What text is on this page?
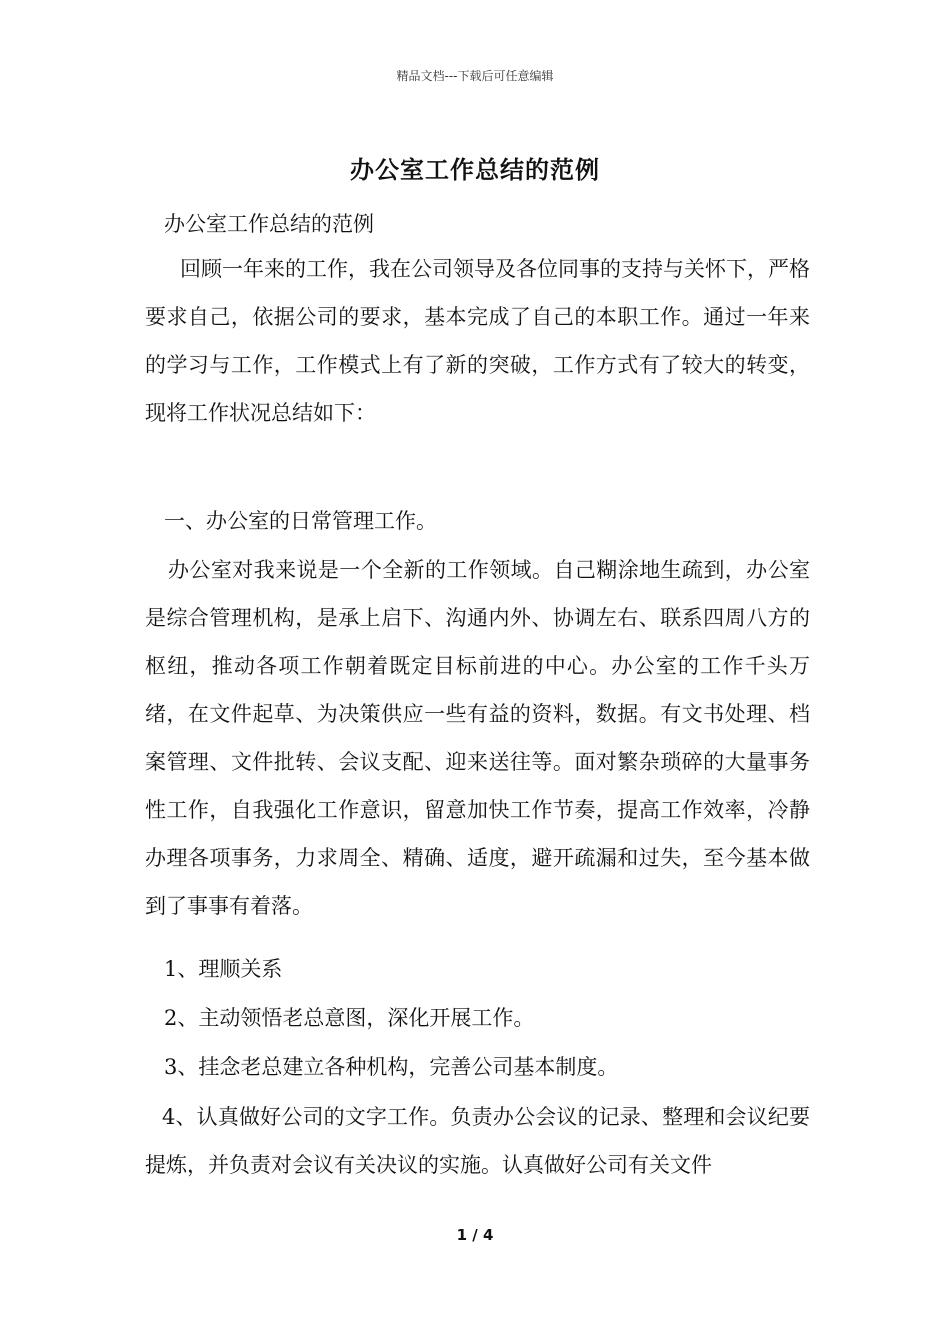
精品文档---下载后可任意编辑
办公室工作总结的范例

办公室工作总结的范例

回顾一年来的工作，我在公司领导及各位同事的支持与关怀下，严格要求自己，依据公司的要求，基本完成了自己的本职工作。通过一年来的学习与工作，工作模式上有了新的突破，工作方式有了较大的转变，现将工作状况总结如下：

一、办公室的日常管理工作。

办公室对我来说是一个全新的工作领域。自己糊涂地生疏到，办公室是综合管理机构，是承上启下、沟通内外、协调左右、联系四周八方的枢纽，推动各项工作朝着既定目标前进的中心。办公室的工作千头万绪，在文件起草、为决策供应一些有益的资料，数据。有文书处理、档案管理、文件批转、会议支配、迎来送往等。面对繁杂琐碎的大量事务性工作，自我强化工作意识，留意加快工作节奏，提高工作效率，冷静办理各项事务，力求周全、精确、适度，避开疏漏和过失，至今基本做到了事事有着落。

1、理顺关系

2、主动领悟老总意图，深化开展工作。

3、挂念老总建立各种机构，完善公司基本制度。

4、认真做好公司的文字工作。负责办公会议的记录、整理和会议纪要提炼，并负责对会议有关决议的实施。认真做好公司有关文件

1 / 4
